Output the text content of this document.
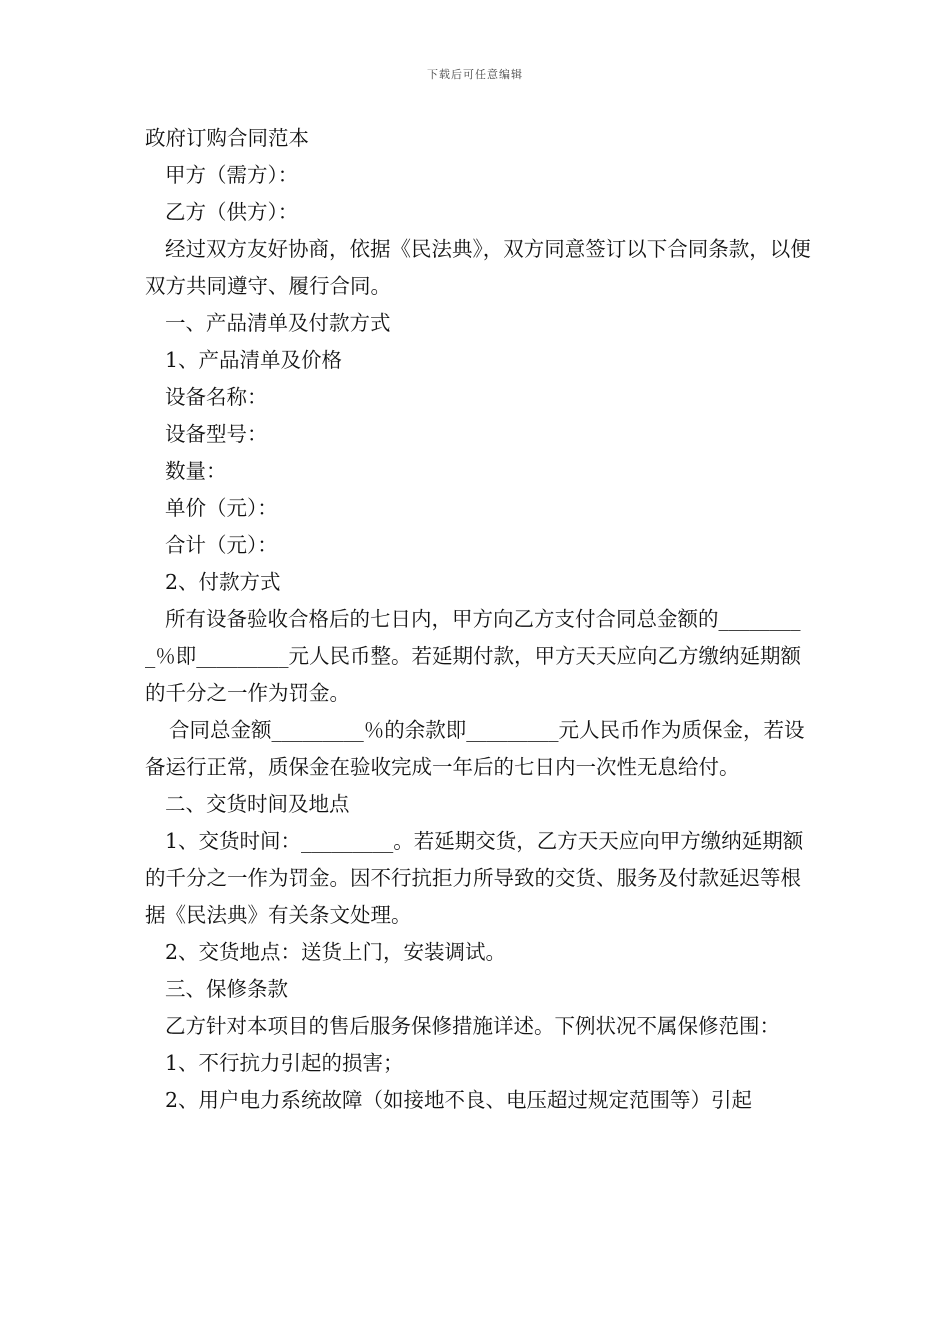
下载后可任意编辑

政府订购合同范本

甲方（需方）：

乙方（供方）：

经过双方友好协商，依据《民法典》，双方同意签订以下合同条款，以便双方共同遵守、履行合同。

一、产品清单及付款方式

1、产品清单及价格

设备名称：

设备型号：

数量：

单价（元）：

合计（元）：

2、付款方式

所有设备验收合格后的七日内，甲方向乙方支付合同总金额的_________％即_________元人民币整。若延期付款，甲方天天应向乙方缴纳延期额的千分之一作为罚金。

合同总金额_________％的余款即_________元人民币作为质保金，若设备运行正常，质保金在验收完成一年后的七日内一次性无息给付。

二、交货时间及地点

1、交货时间：_________。若延期交货，乙方天天应向甲方缴纳延期额的千分之一作为罚金。因不行抗拒力所导致的交货、服务及付款延迟等根据《民法典》有关条文处理。

2、交货地点：送货上门，安装调试。

三、保修条款

乙方针对本项目的售后服务保修措施详述。下例状况不属保修范围：

1、不行抗力引起的损害；

2、用户电力系统故障（如接地不良、电压超过规定范围等）引起
